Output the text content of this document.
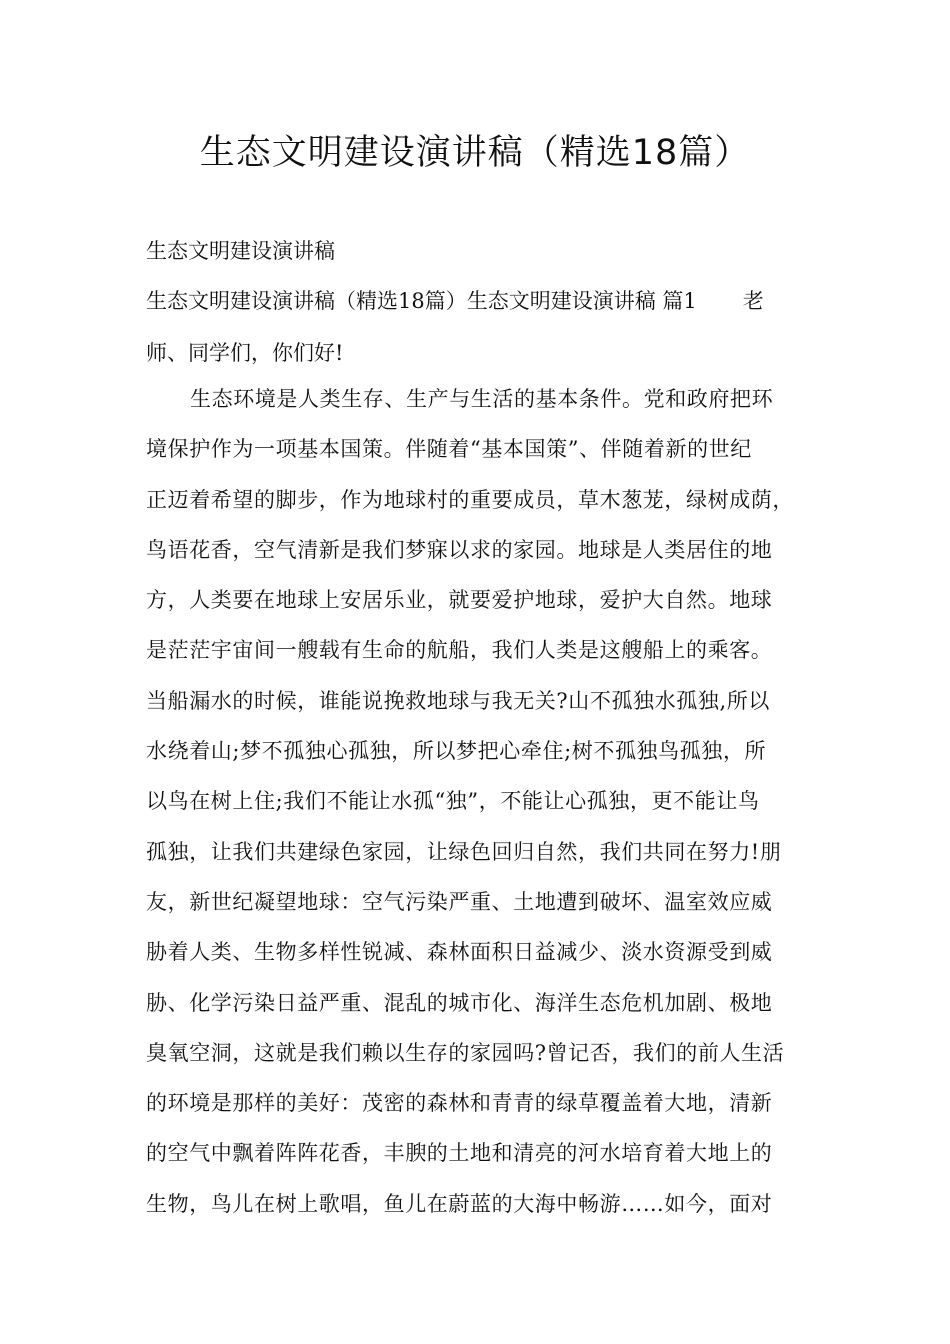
生态文明建设演讲稿（精选18篇）

生态文明建设演讲稿

生态文明建设演讲稿（精选18篇）生态文明建设演讲稿 篇1 老

师、同学们，你们好!

生态环境是人类生存、生产与生活的基本条件。党和政府把环
境保护作为一项基本国策。伴随着“基本国策”、伴随着新的世纪
正迈着希望的脚步，作为地球村的重要成员，草木葱茏，绿树成荫，
鸟语花香，空气清新是我们梦寐以求的家园。地球是人类居住的地
方，人类要在地球上安居乐业，就要爱护地球，爱护大自然。地球
是茫茫宇宙间一艘载有生命的航船，我们人类是这艘船上的乘客。
当船漏水的时候，谁能说挽救地球与我无关?山不孤独水孤独,所以
水绕着山;梦不孤独心孤独，所以梦把心牵住;树不孤独鸟孤独，所
以鸟在树上住;我们不能让水孤“独”，不能让心孤独，更不能让鸟
孤独，让我们共建绿色家园，让绿色回归自然，我们共同在努力!朋
友，新世纪凝望地球：空气污染严重、土地遭到破坏、温室效应威
胁着人类、生物多样性锐减、森林面积日益减少、淡水资源受到威
胁、化学污染日益严重、混乱的城市化、海洋生态危机加剧、极地
臭氧空洞，这就是我们赖以生存的家园吗?曾记否，我们的前人生活
的环境是那样的美好：茂密的森林和青青的绿草覆盖着大地，清新
的空气中飘着阵阵花香，丰腴的土地和清亮的河水培育着大地上的
生物，鸟儿在树上歌唱，鱼儿在蔚蓝的大海中畅游……如今，面对
